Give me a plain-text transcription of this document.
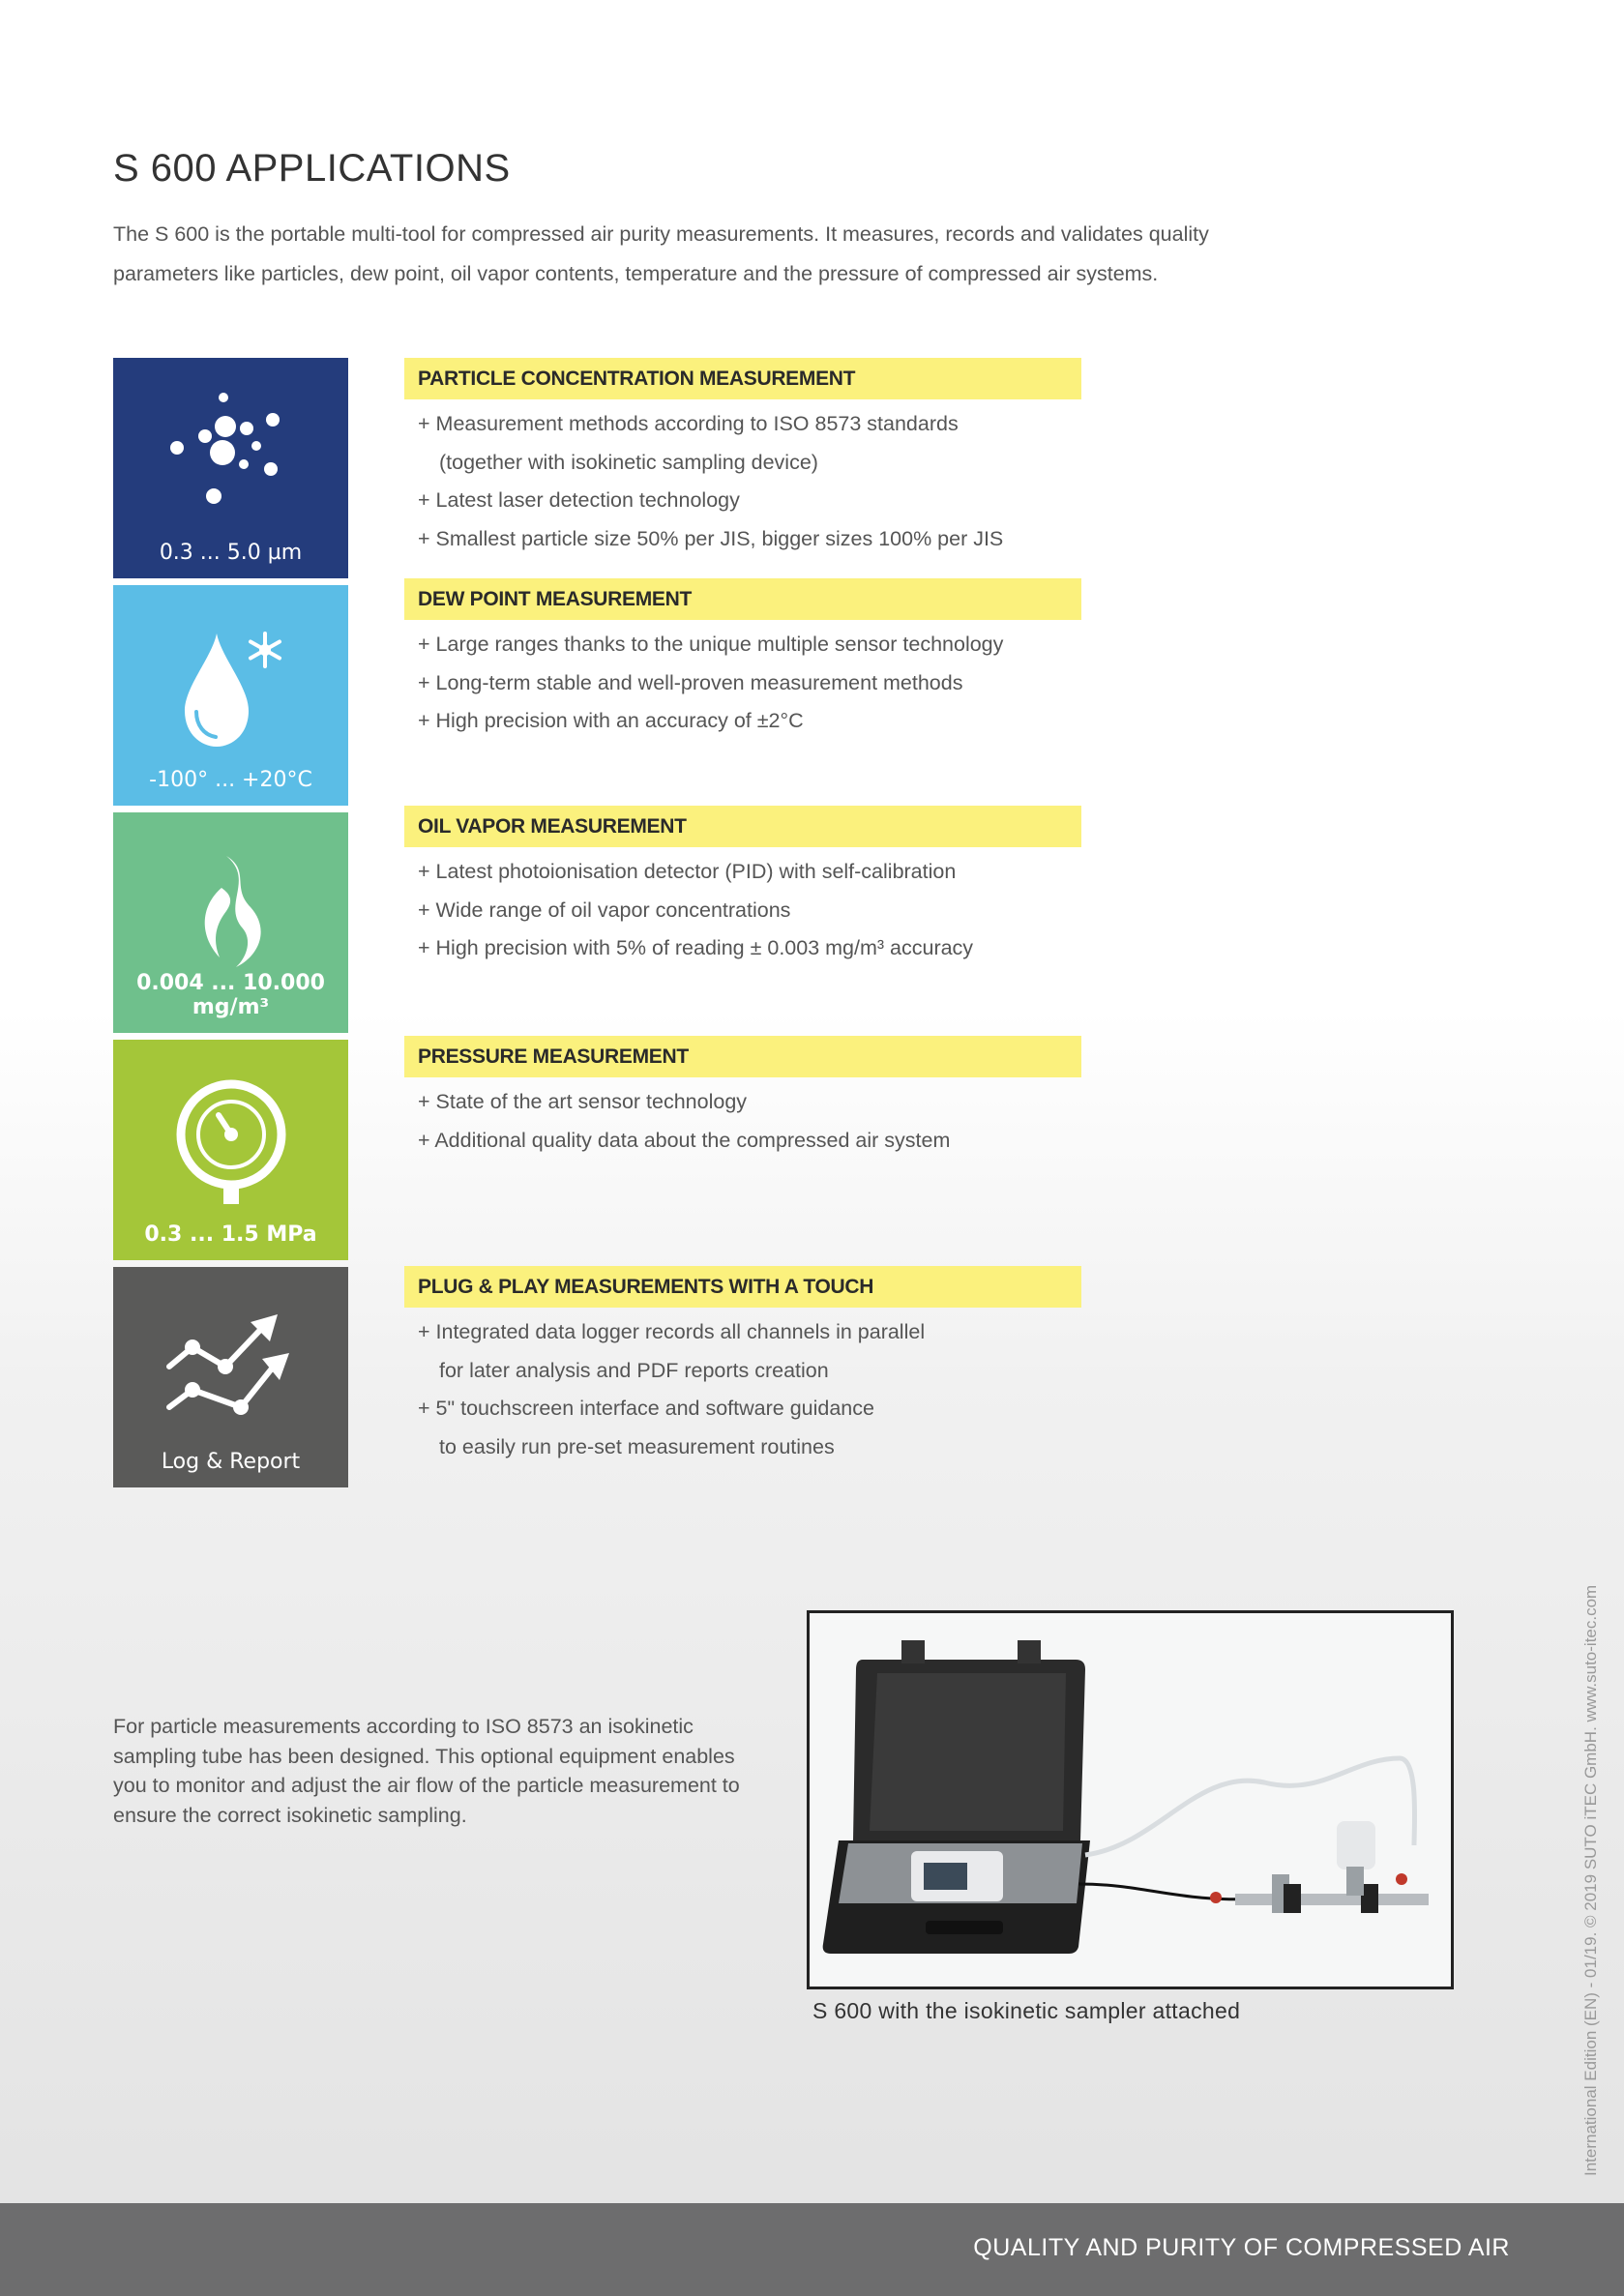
S 600 APPLICATIONS

The S 600 is the portable multi-tool for compressed air purity measurements. It measures, records and validates quality parameters like particles, dew point, oil vapor contents, temperature and the pressure of compressed air systems.

0.3 ... 5.0 µm
-100° ... +20°C
0.004 ... 10.000 mg/m³
0.3 ... 1.5 MPa
Log & Report
PARTICLE CONCENTRATION MEASUREMENT
+ Measurement methods according to ISO 8573 standards
(together with isokinetic sampling device)
+ Latest laser detection technology
+ Smallest particle size 50% per JIS, bigger sizes 100% per JIS
DEW POINT MEASUREMENT
+ Large ranges thanks to the unique multiple sensor technology
+ Long-term stable and well-proven measurement methods
+ High precision with an accuracy of ±2°C
OIL VAPOR MEASUREMENT
+ Latest photoionisation detector (PID) with self-calibration
+ Wide range of oil vapor concentrations
+ High precision with 5% of reading ± 0.003 mg/m³ accuracy
PRESSURE MEASUREMENT
+ State of the art sensor technology
+ Additional quality data about the compressed air system
PLUG & PLAY MEASUREMENTS WITH A TOUCH
+ Integrated data logger records all channels in parallel
for later analysis and PDF reports creation
+ 5" touchscreen interface and software guidance
to easily run pre-set measurement routines

For particle measurements according to ISO 8573 an isokinetic sampling tube has been designed. This optional equipment enables you to monitor and adjust the air flow of the particle measurement to ensure the correct isokinetic sampling.

S 600 with the isokinetic sampler attached	International Edition (EN) - 01/19. © 2019 SUTO iTEC GmbH. www.suto-itec.com
QUALITY AND PURITY OF COMPRESSED AIR
